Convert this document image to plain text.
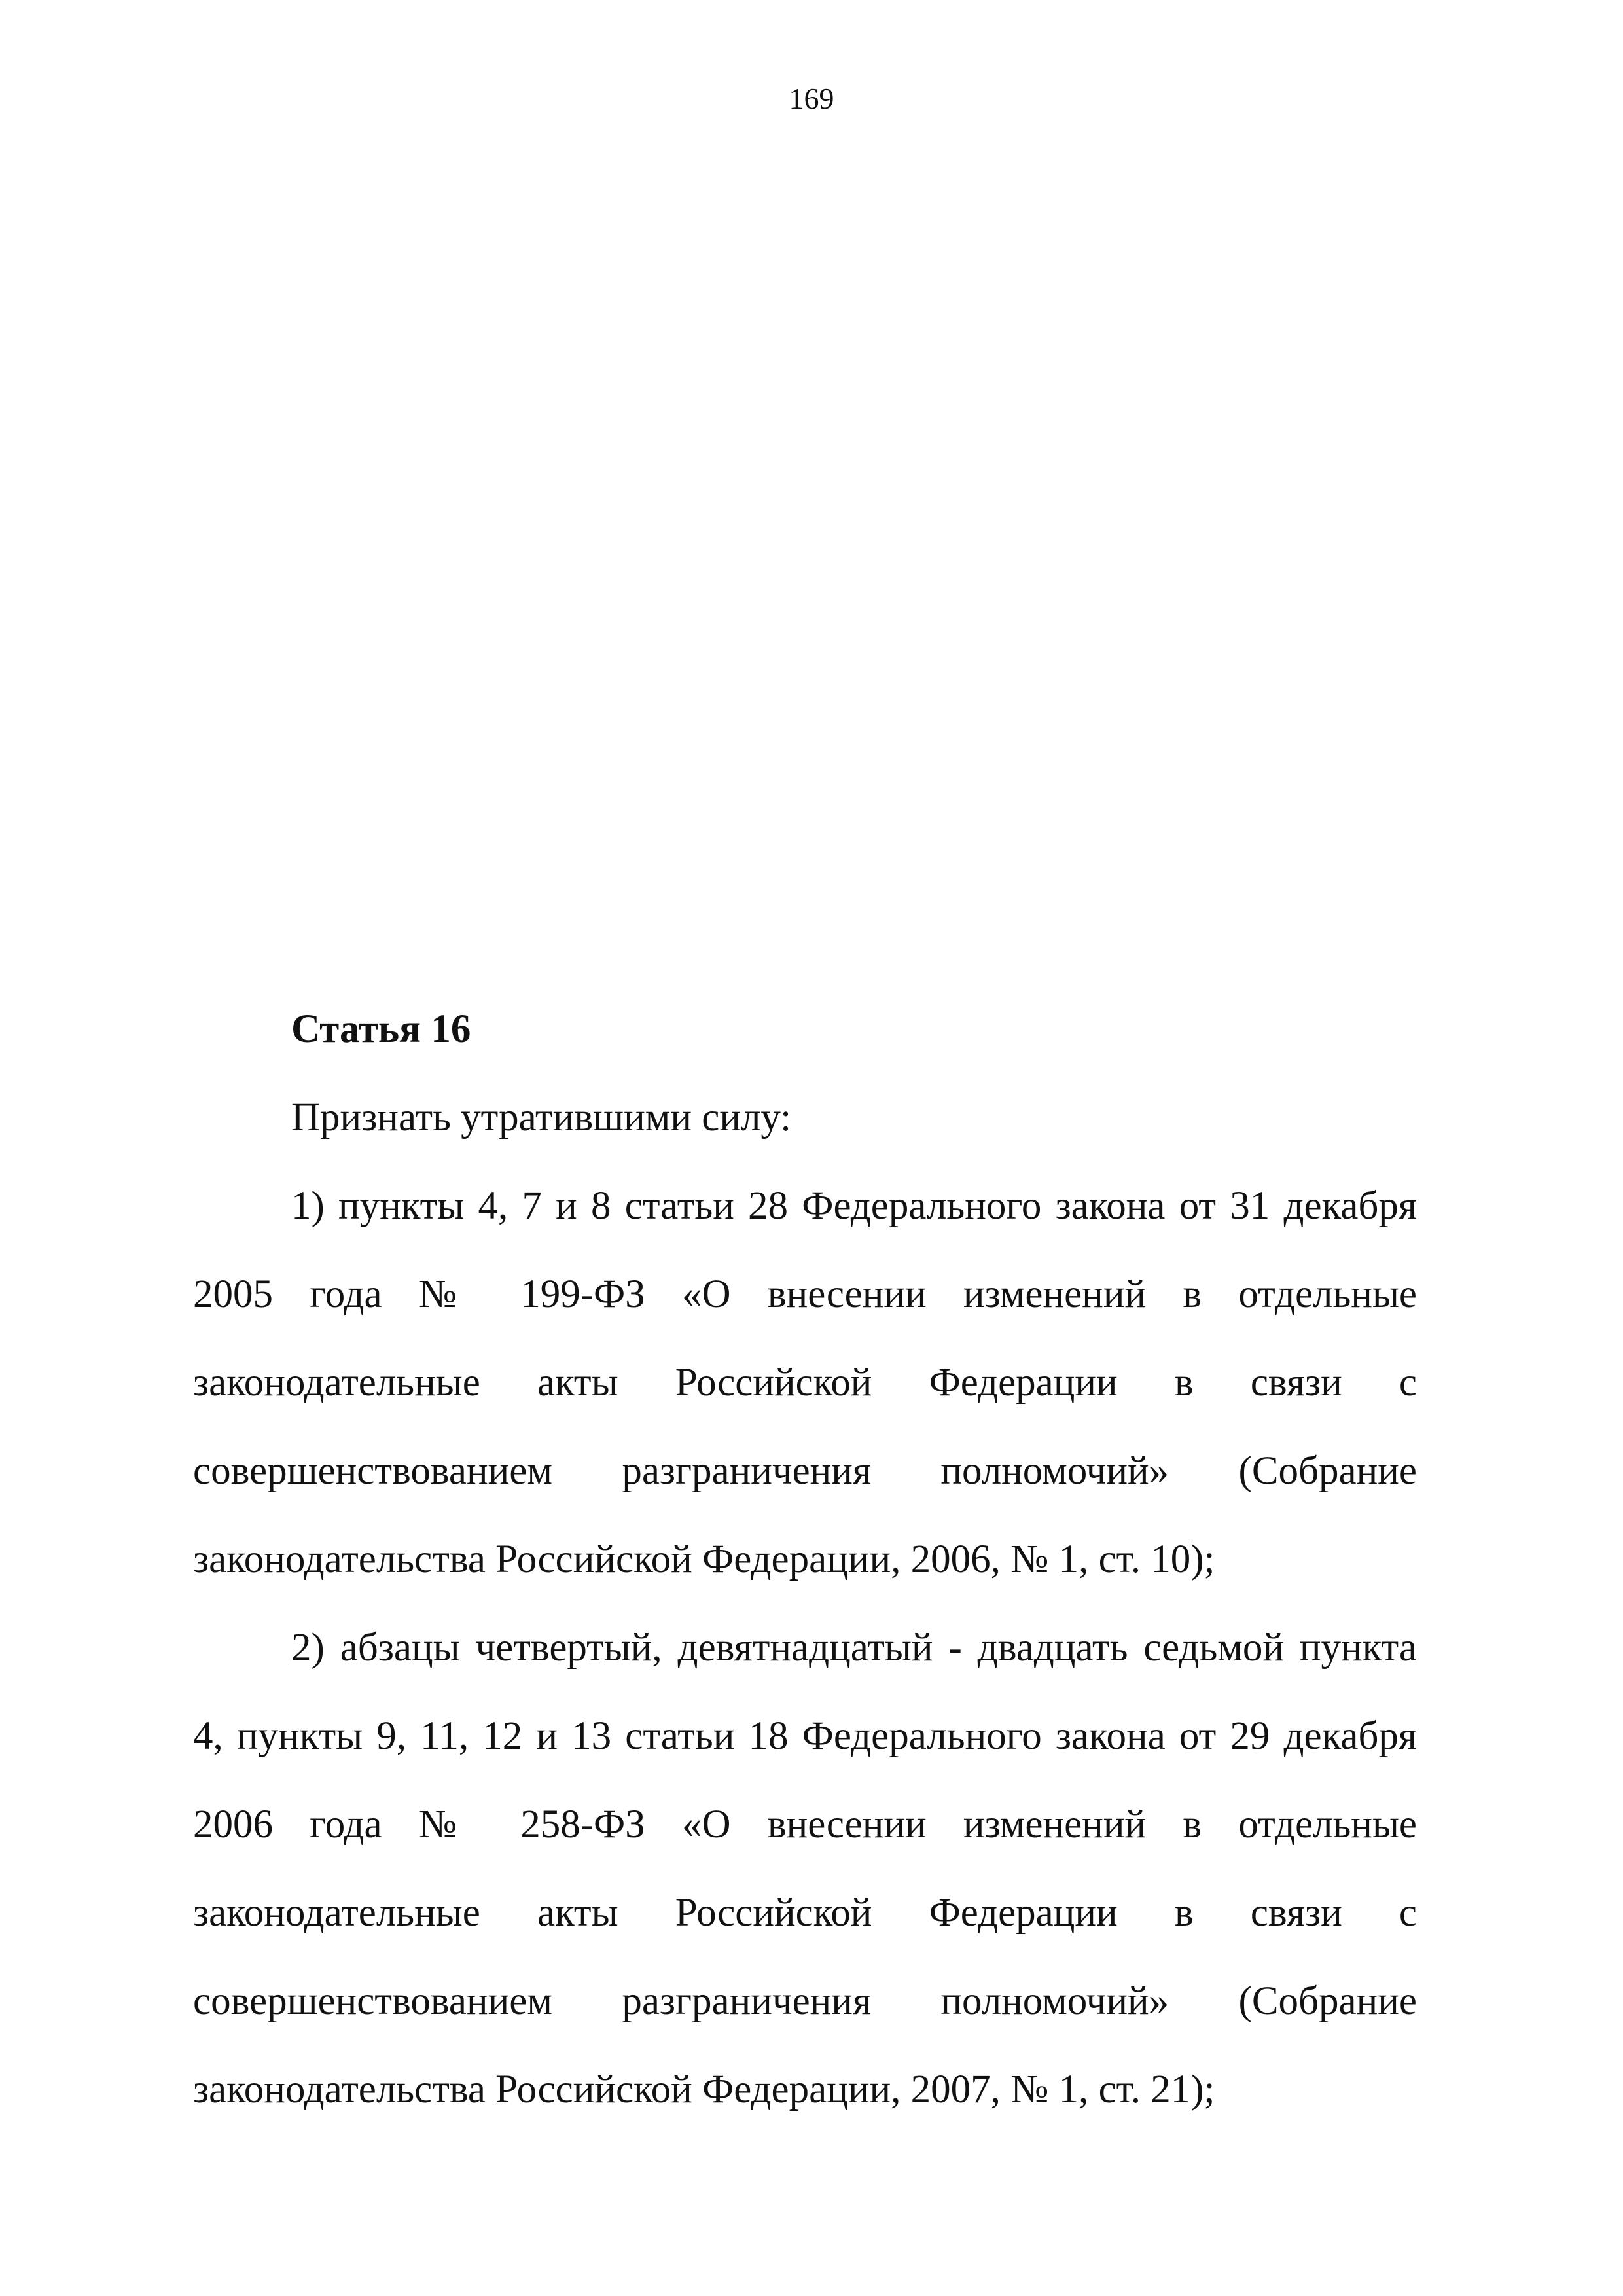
169
Статья 16
Признать утратившими силу:

1) пункты 4, 7 и 8 статьи 28 Федерального закона от 31 декабря 2005 года № 199-ФЗ «О внесении изменений в отдельные законодательные акты Российской Федерации в связи с совершенствованием разграничения полномочий» (Собрание законодательства Российской Федерации, 2006, № 1, ст. 10);

2) абзацы четвертый, девятнадцатый - двадцать седьмой пункта 4, пункты 9, 11, 12 и 13 статьи 18 Федерального закона от 29 декабря 2006 года № 258-ФЗ «О внесении изменений в отдельные законодательные акты Российской Федерации в связи с совершенствованием разграничения полномочий» (Собрание законодательства Российской Федерации, 2007, № 1, ст. 21);
